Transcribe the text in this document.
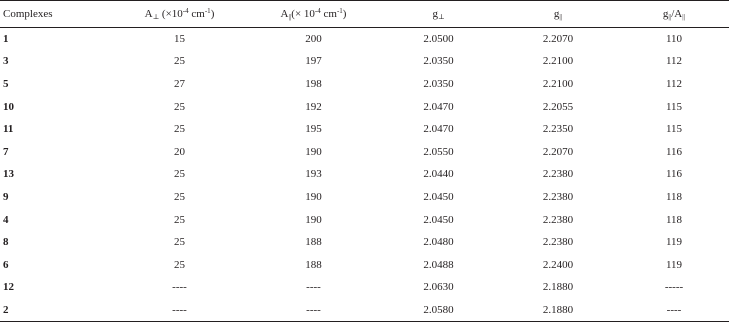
Complexes	$A_\perp$ ($\times 10^{-4}$ $cm^{-1}$)	$A_{||}(\times 10^{-4}$ $cm^{-1}$)	$g_\perp$	$g_{||}$	$g_{||}/A_{||}$
1	15	200	2.0500	2.2070	110
3	25	197	2.0350	2.2100	112
5	27	198	2.0350	2.2100	112
10	25	192	2.0470	2.2055	115
11	25	195	2.0470	2.2350	115
7	20	190	2.0550	2.2070	116
13	25	193	2.0440	2.2380	116
9	25	190	2.0450	2.2380	118
4	25	190	2.0450	2.2380	118
8	25	188	2.0480	2.2380	119
6	25	188	2.0488	2.2400	119
12	----	----	2.0630	2.1880	-----
2	----	----	2.0580	2.1880	----
